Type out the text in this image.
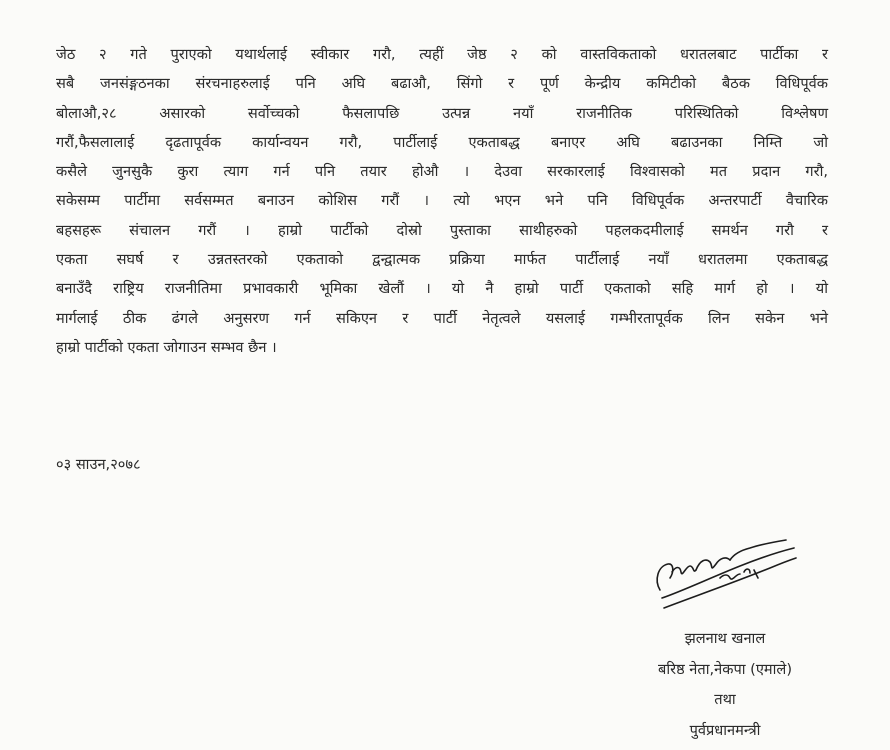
जेठ २ गते पुराएको यथार्थलाई स्वीकार गरौ, त्यहीं जेष्ठ २ को वास्तविकताको धरातलबाट पार्टीका र
सबै जनसंङ्गठनका संरचनाहरुलाई पनि अघि बढाऔ, सिंगो र पूर्ण केन्द्रीय कमिटीको बैठक विधिपूर्वक
बोलाऔ,२८ असारको सर्वोच्चको फैसलापछि उत्पन्न नयाँ राजनीतिक परिस्थितिको विश्लेषण
गरौं,फैसलालाई दृढतापूर्वक कार्यान्वयन गरौ, पार्टीलाई एकताबद्ध बनाएर अघि बढाउनका निम्ति जो
कसैले जुनसुकै कुरा त्याग गर्न पनि तयार होऔ । देउवा सरकारलाई विश्वासको मत प्रदान गरौ,
सकेसम्म पार्टीमा सर्वसम्मत बनाउन कोशिस गरौं । त्यो भएन भने पनि विधिपूर्वक अन्तरपार्टी वैचारिक
बहसहरू संचालन गरौं । हाम्रो पार्टीको दोस्रो पुस्ताका साथीहरुको पहलकदमीलाई समर्थन गरौ र
एकता सघर्ष र उन्नतस्तरको एकताको द्वन्द्वात्मक प्रक्रिया मार्फत पार्टीलाई नयाँ धरातलमा एकताबद्ध
बनाउँदै राष्ट्रिय राजनीतिमा प्रभावकारी भूमिका खेलौं । यो नै हाम्रो पार्टी एकताको सहि मार्ग हो । यो
मार्गलाई ठीक ढंगले अनुसरण गर्न सकिएन र पार्टी नेतृत्वले यसलाई गम्भीरतापूर्वक लिन सकेन भने
हाम्रो पार्टीको एकता जोगाउन सम्भव छैन ।

०३ साउन,२०७८

झलनाथ खनाल
बरिष्ठ नेता,नेकपा (एमाले)
तथा
पुर्वप्रधानमन्त्री
